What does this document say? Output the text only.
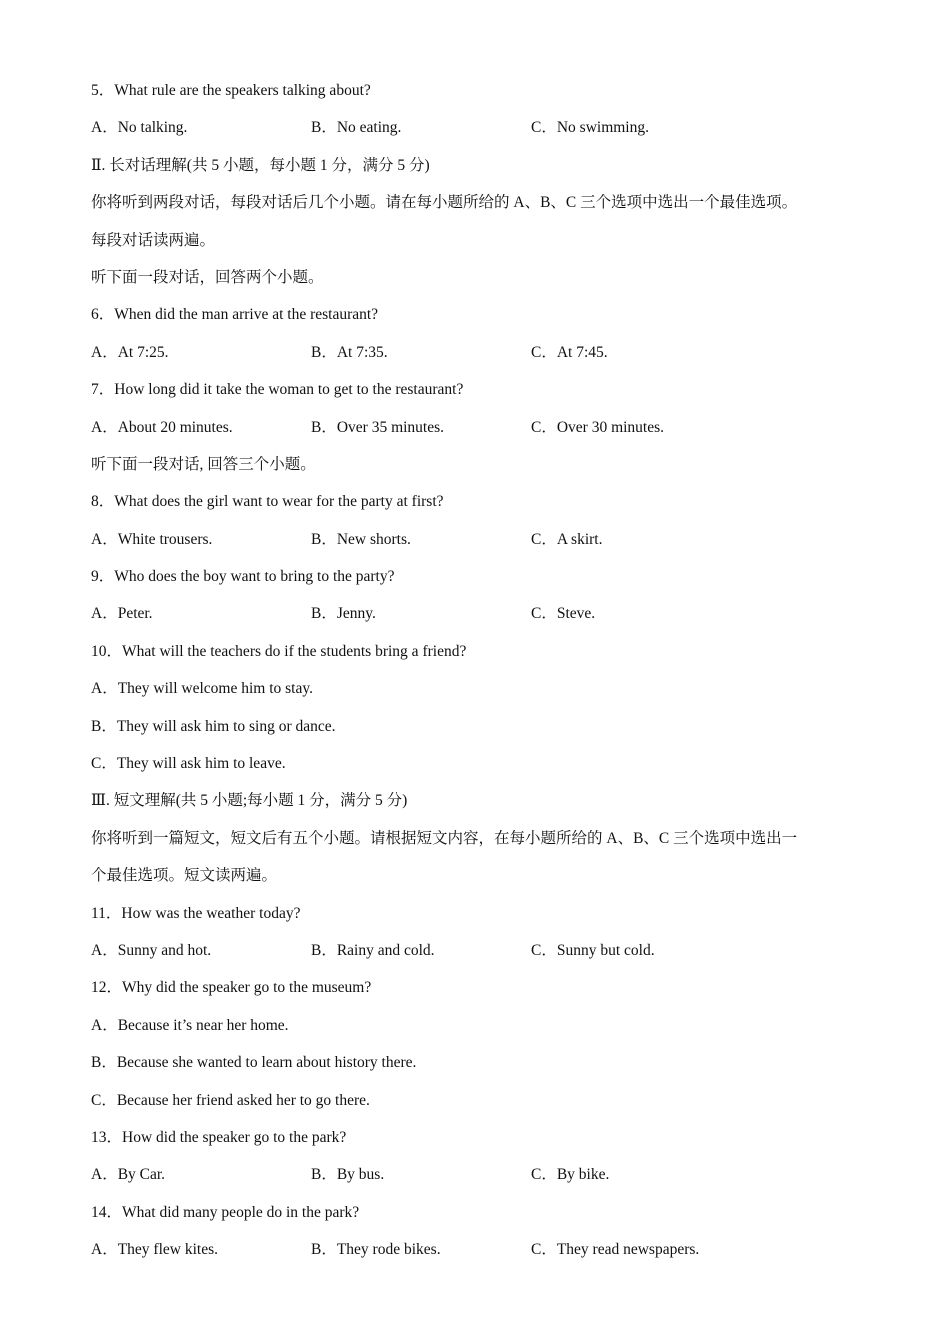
5．What rule are the speakers talking about?
A．No talking.	B．No eating.	C．No swimming.
Ⅱ. 长对话理解(共 5 小题，每小题 1 分，满分 5 分)
你将听到两段对话，每段对话后几个小题。请在每小题所给的 A、B、C 三个选项中选出一个最佳选项。
每段对话读两遍。
听下面一段对话，回答两个小题。
6．When did the man arrive at the restaurant?
A．At 7:25.	B．At 7:35.	C．At 7:45.
7．How long did it take the woman to get to the restaurant?
A．About 20 minutes.	B．Over 35 minutes.	C．Over 30 minutes.
听下面一段对话, 回答三个小题。
8．What does the girl want to wear for the party at first?
A．White trousers.	B．New shorts.	C．A skirt.
9．Who does the boy want to bring to the party?
A．Peter.	B．Jenny.	C．Steve.
10．What will the teachers do if the students bring a friend?
A．They will welcome him to stay.
B．They will ask him to sing or dance.
C．They will ask him to leave.
Ⅲ. 短文理解(共 5 小题;每小题 1 分，满分 5 分)
你将听到一篇短文，短文后有五个小题。请根据短文内容，在每小题所给的 A、B、C 三个选项中选出一
个最佳选项。短文读两遍。
11．How was the weather today?
A．Sunny and hot.	B．Rainy and cold.	C．Sunny but cold.
12．Why did the speaker go to the museum?
A．Because it’s near her home.
B．Because she wanted to learn about history there.
C．Because her friend asked her to go there.
13．How did the speaker go to the park?
A．By Car.	B．By bus.	C．By bike.
14．What did many people do in the park?
A．They flew kites.	B．They rode bikes.	C．They read newspapers.
